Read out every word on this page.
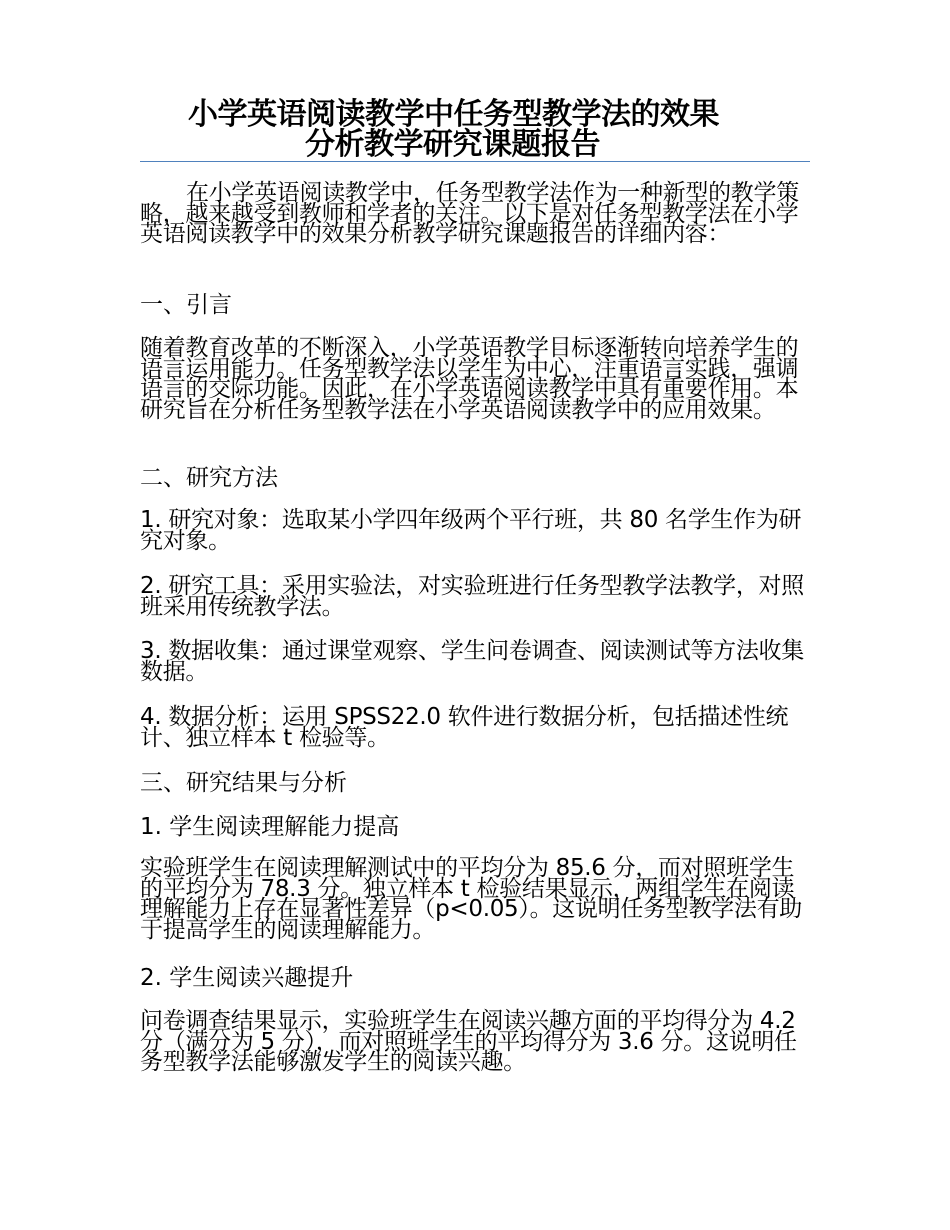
小学英语阅读教学中任务型教学法的效果
分析教学研究课题报告
在小学英语阅读教学中，任务型教学法作为一种新型的教学策略，越来越受到教师和学者的关注。以下是对任务型教学法在小学英语阅读教学中的效果分析教学研究课题报告的详细内容：
一、引言
随着教育改革的不断深入，小学英语教学目标逐渐转向培养学生的语言运用能力。任务型教学法以学生为中心，注重语言实践，强调语言的交际功能。因此，在小学英语阅读教学中具有重要作用。本研究旨在分析任务型教学法在小学英语阅读教学中的应用效果。
二、研究方法
1. 研究对象：选取某小学四年级两个平行班，共 80 名学生作为研究对象。
2. 研究工具：采用实验法，对实验班进行任务型教学法教学，对照班采用传统教学法。
3. 数据收集：通过课堂观察、学生问卷调查、阅读测试等方法收集数据。
4. 数据分析：运用 SPSS22.0 软件进行数据分析，包括描述性统计、独立样本 t 检验等。
三、研究结果与分析
1. 学生阅读理解能力提高
实验班学生在阅读理解测试中的平均分为 85.6 分，而对照班学生的平均分为 78.3 分。独立样本 t 检验结果显示，两组学生在阅读理解能力上存在显著性差异（p<0.05）。这说明任务型教学法有助于提高学生的阅读理解能力。
2. 学生阅读兴趣提升
问卷调查结果显示，实验班学生在阅读兴趣方面的平均得分为 4.2 分（满分为 5 分），而对照班学生的平均得分为 3.6 分。这说明任务型教学法能够激发学生的阅读兴趣。
